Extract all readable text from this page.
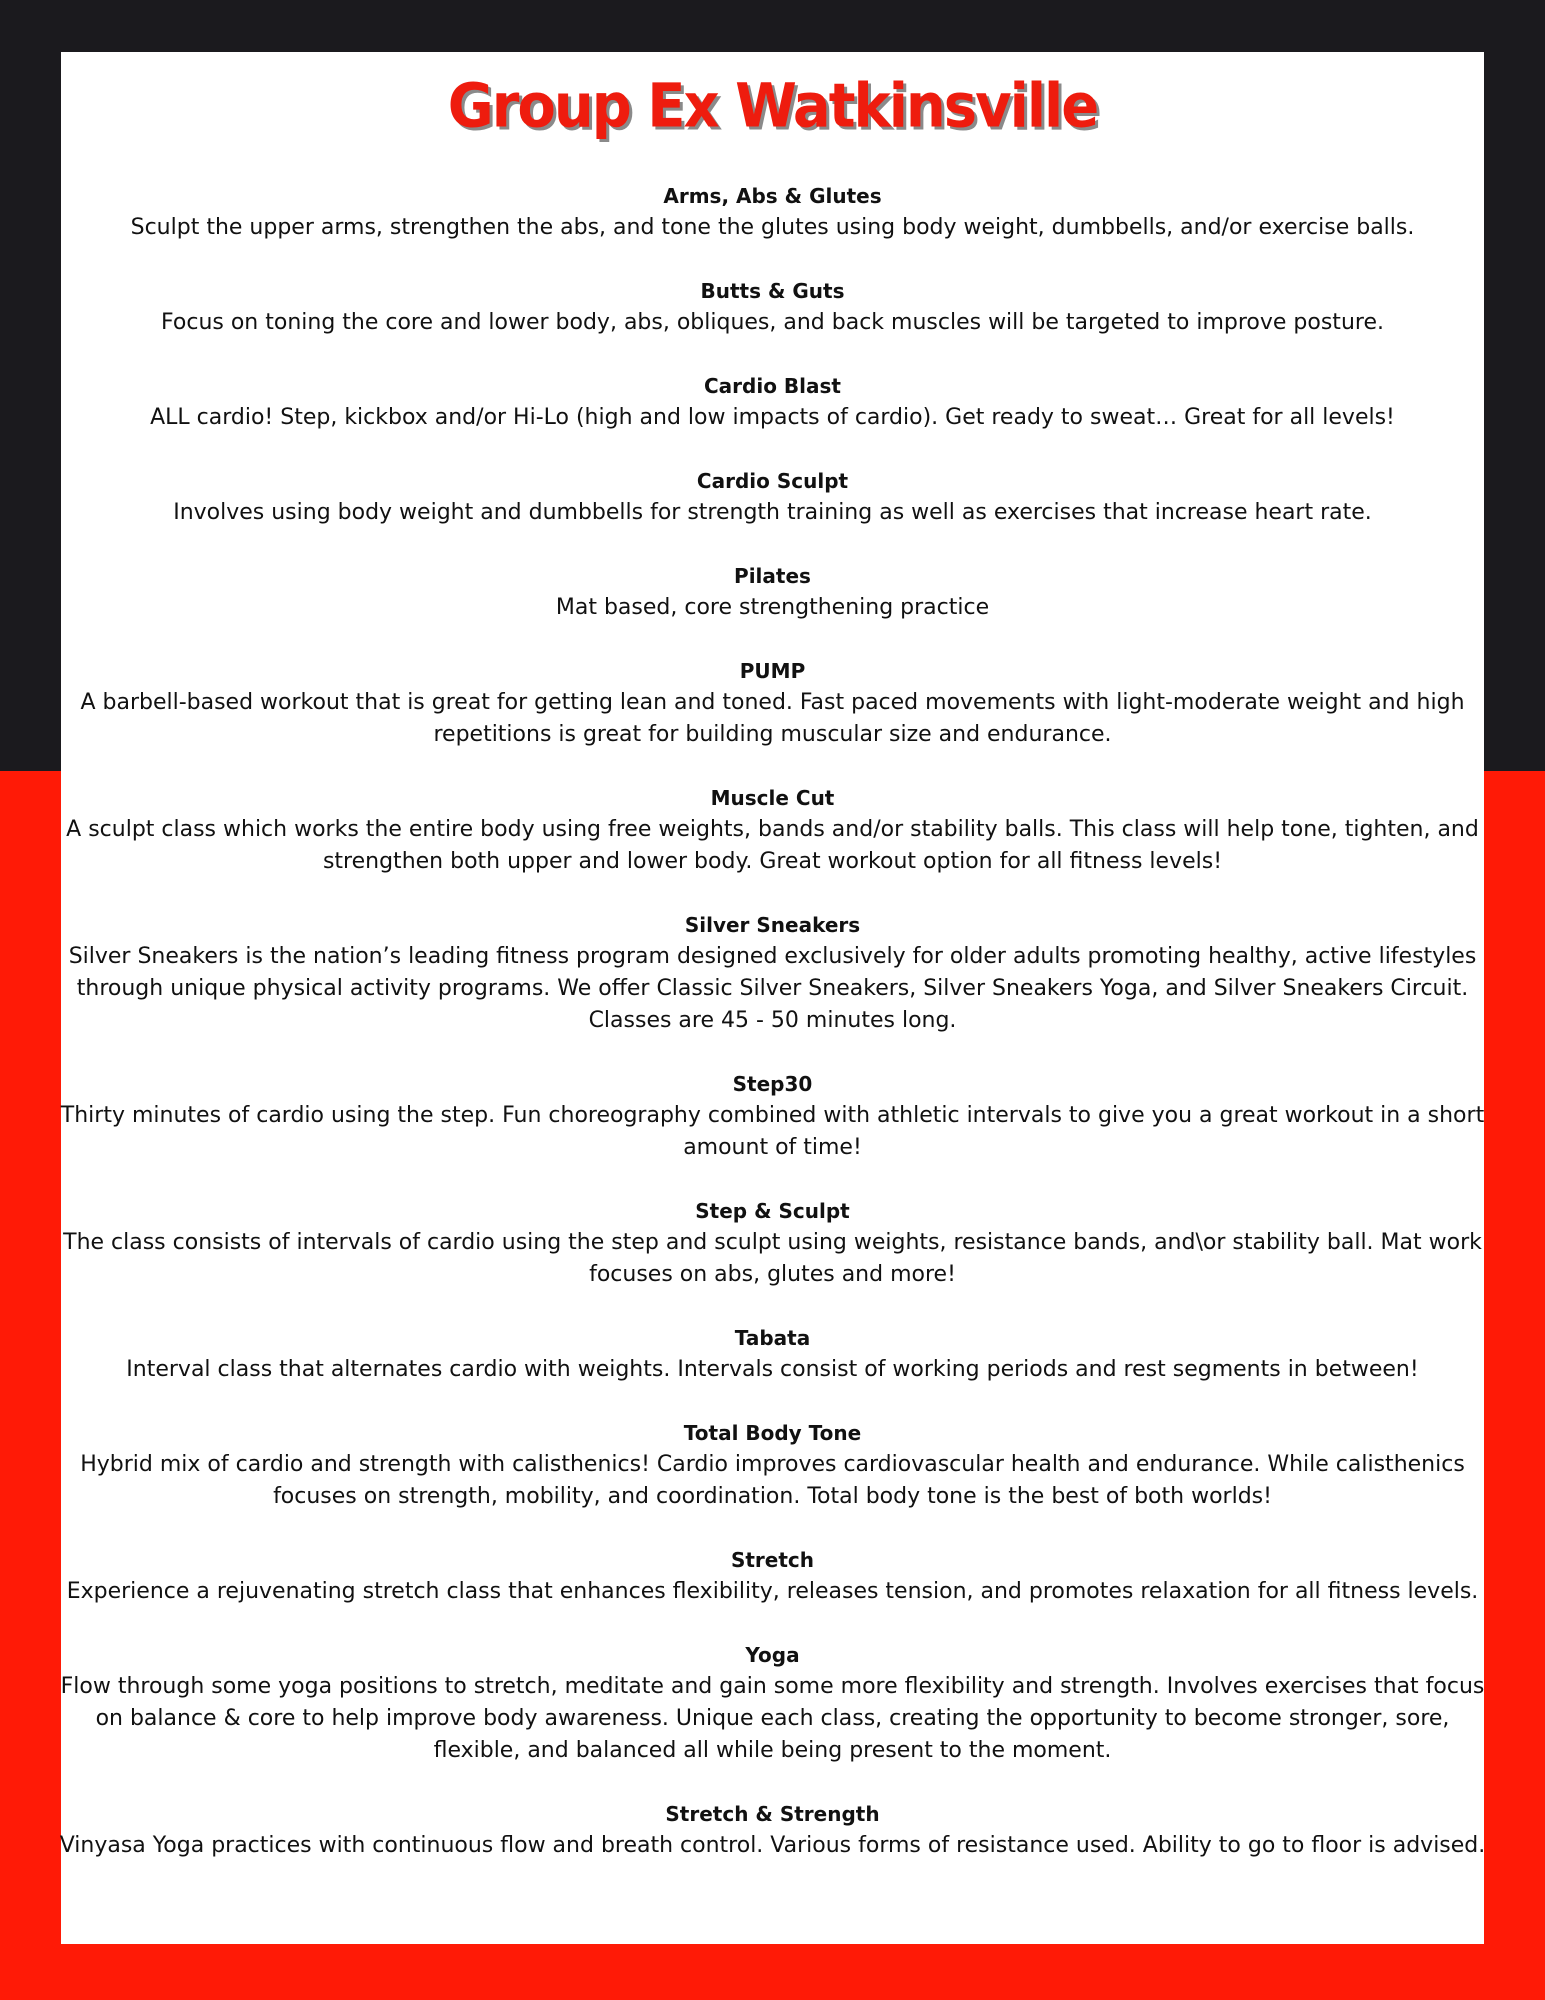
Group Ex Watkinsville
Arms, Abs & Glutes
Sculpt the upper arms, strengthen the abs, and tone the glutes using body weight, dumbbells, and/or exercise balls.
Butts & Guts
Focus on toning the core and lower body, abs, obliques, and back muscles will be targeted to improve posture.
Cardio Blast
ALL cardio! Step, kickbox and/or Hi-Lo (high and low impacts of cardio). Get ready to sweat… Great for all levels!
Cardio Sculpt
Involves using body weight and dumbbells for strength training as well as exercises that increase heart rate.
Pilates
Mat based, core strengthening practice
PUMP
A barbell-based workout that is great for getting lean and toned. Fast paced movements with light-moderate weight and high repetitions is great for building muscular size and endurance.
Muscle Cut
A sculpt class which works the entire body using free weights, bands and/or stability balls. This class will help tone, tighten, and strengthen both upper and lower body. Great workout option for all fitness levels!
Silver Sneakers
Silver Sneakers is the nation’s leading fitness program designed exclusively for older adults promoting healthy, active lifestyles through unique physical activity programs. We offer Classic Silver Sneakers, Silver Sneakers Yoga, and Silver Sneakers Circuit. Classes are 45 - 50 minutes long.
Step30
Thirty minutes of cardio using the step. Fun choreography combined with athletic intervals to give you a great workout in a short amount of time!
Step & Sculpt
The class consists of intervals of cardio using the step and sculpt using weights, resistance bands, and\or stability ball. Mat work focuses on abs, glutes and more!
Tabata
Interval class that alternates cardio with weights. Intervals consist of working periods and rest segments in between!
Total Body Tone
Hybrid mix of cardio and strength with calisthenics! Cardio improves cardiovascular health and endurance. While calisthenics focuses on strength, mobility, and coordination. Total body tone is the best of both worlds!
Stretch
Experience a rejuvenating stretch class that enhances flexibility, releases tension, and promotes relaxation for all fitness levels.
Yoga
Flow through some yoga positions to stretch, meditate and gain some more flexibility and strength. Involves exercises that focus on balance & core to help improve body awareness. Unique each class, creating the opportunity to become stronger, sore, flexible, and balanced all while being present to the moment.
Stretch & Strength
Vinyasa Yoga practices with continuous flow and breath control. Various forms of resistance used. Ability to go to floor is advised.
